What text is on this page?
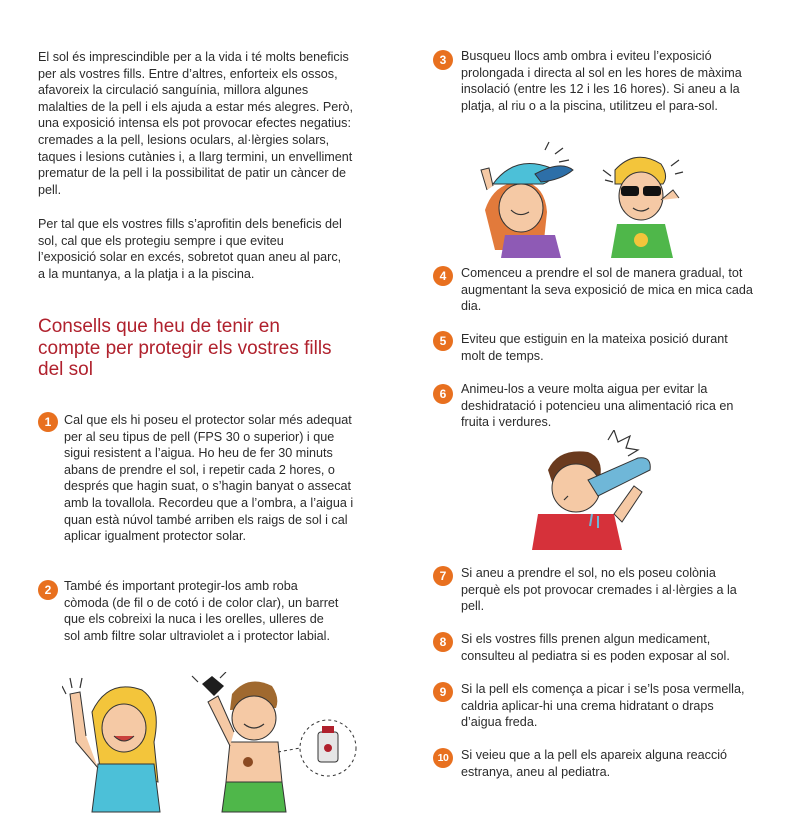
El sol és imprescindible per a la vida i té molts beneficis per als vostres fills. Entre d’altres, enforteix els ossos, afavoreix la circulació sanguínia, millora algunes malalties de la pell i els ajuda a estar més alegres. Però, una exposició intensa els pot provocar efectes negatius: cremades a la pell, lesions oculars, al·lèrgies solars, taques i lesions cutànies i, a llarg termini, un envelliment prematur de la pell i la possibilitat de patir un càncer de pell.

Per tal que els vostres fills s’aprofitin dels beneficis del sol, cal que els protegiu sempre i que eviteu l’exposició solar en excés, sobretot quan aneu al parc, a la muntanya, a la platja i a la piscina.

Consells que heu de tenir en compte per protegir els vostres fills del sol
1	Cal que els hi poseu el protector solar més adequat per al seu tipus de pell (FPS 30 o superior) i que sigui resistent a l’aigua. Ho heu de fer 30 minuts abans de prendre el sol, i repetir cada 2 hores, o després que hagin suat, o s’hagin banyat o assecat amb la tovallola. Recordeu que a l’ombra, a l’aigua i quan està núvol també arriben els raigs de sol i cal aplicar igualment protector solar.

2	També és important protegir-los amb roba còmoda (de fil o de cotó i de color clar), un barret que els cobreixi la nuca i les orelles, ulleres de sol amb filtre solar ultraviolet a i protector labial.

3	Busqueu llocs amb ombra i eviteu l’exposició prolongada i directa al sol en les hores de màxima insolació (entre les 12 i les 16 hores). Si aneu a la platja, al riu o a la piscina, utilitzeu el para-sol.

4	Comenceu a prendre el sol de manera gradual, tot augmentant la seva exposició de mica en mica cada dia.

5	Eviteu que estiguin en la mateixa posició durant molt de temps.

6	Animeu-los a veure molta aigua per evitar la deshidratació i potencieu una alimentació rica en fruita i verdures.

7	Si aneu a prendre el sol, no els poseu colònia perquè els pot provocar cremades i al·lèrgies a la pell.

8	Si els vostres fills prenen algun medicament, consulteu al pediatra si es poden exposar al sol.

9	Si la pell els comença a picar i se’ls posa vermella, caldria aplicar-hi una crema hidratant o draps d’aigua freda.

10	Si veieu que a la pell els apareix alguna reacció estranya, aneu al pediatra.
